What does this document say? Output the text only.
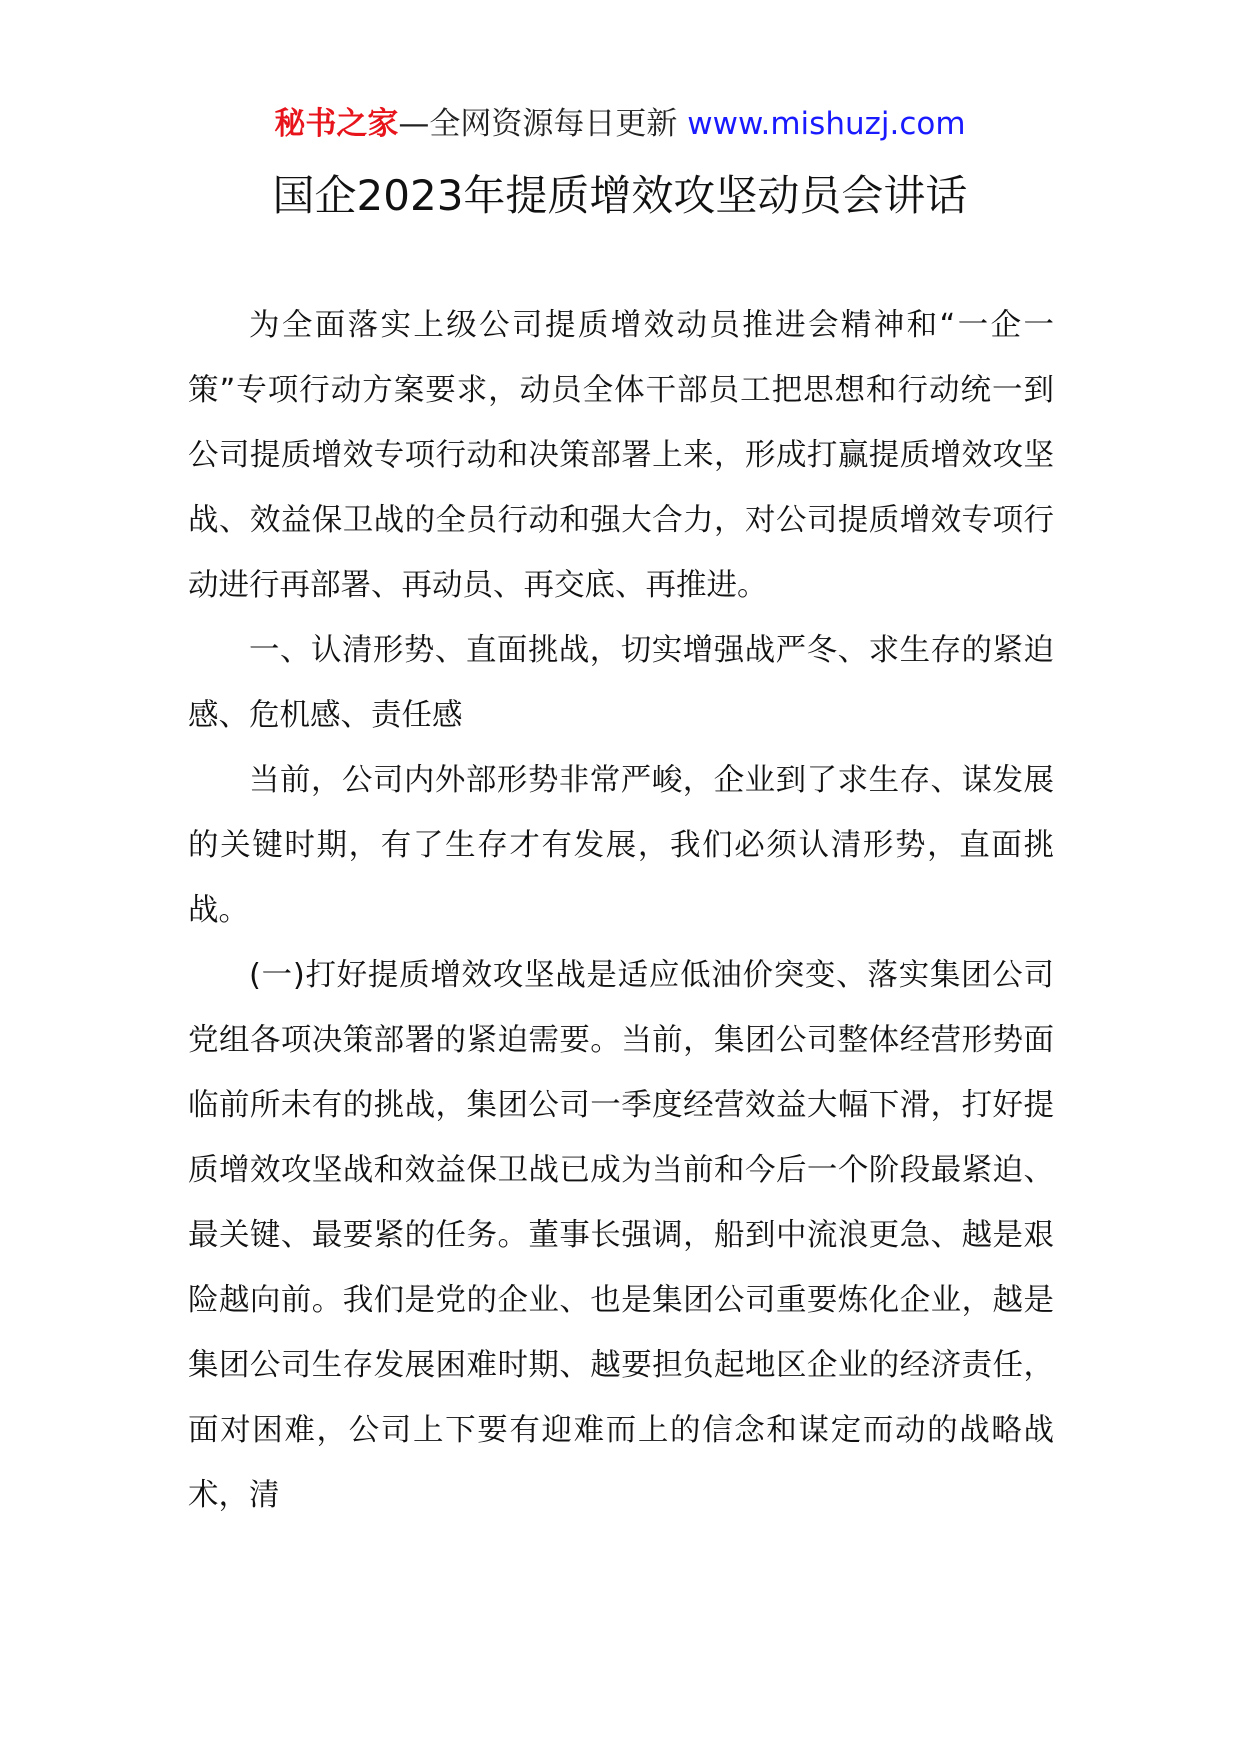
秘书之家—全网资源每日更新 www.mishuzj.com
国企2023年提质增效攻坚动员会讲话

为全面落实上级公司提质增效动员推进会精神和“一企一策”专项行动方案要求，动员全体干部员工把思想和行动统一到公司提质增效专项行动和决策部署上来，形成打赢提质增效攻坚战、效益保卫战的全员行动和强大合力，对公司提质增效专项行动进行再部署、再动员、再交底、再推进。

一、认清形势、直面挑战，切实增强战严冬、求生存的紧迫感、危机感、责任感

当前，公司内外部形势非常严峻，企业到了求生存、谋发展的关键时期，有了生存才有发展，我们必须认清形势，直面挑战。

(一)打好提质增效攻坚战是适应低油价突变、落实集团公司党组各项决策部署的紧迫需要。当前，集团公司整体经营形势面临前所未有的挑战，集团公司一季度经营效益大幅下滑，打好提质增效攻坚战和效益保卫战已成为当前和今后一个阶段最紧迫、最关键、最要紧的任务。董事长强调，船到中流浪更急、越是艰险越向前。我们是党的企业、也是集团公司重要炼化企业，越是集团公司生存发展困难时期、越要担负起地区企业的经济责任，面对困难，公司上下要有迎难而上的信念和谋定而动的战略战术，清
